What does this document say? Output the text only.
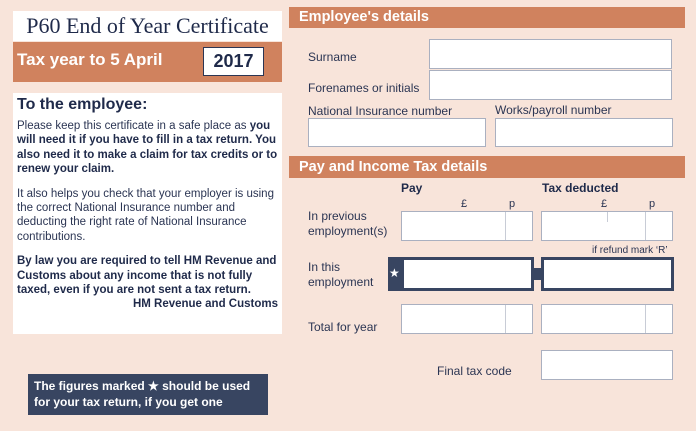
P60 End of Year Certificate
Tax year to 5 April	2017
To the employee:

Please keep this certificate in a safe place as you will need it if you have to fill in a tax return. You also need it to make a claim for tax credits or to renew your claim.

It also helps you check that your employer is using the correct National Insurance number and deducting the right rate of National Insurance contributions.

By law you are required to tell HM Revenue and Customs about any income that is not fully taxed, even if you are not sent a tax return.

HM Revenue and Customs
The figures marked ★ should be used for your tax return, if you get one
Employee's details
Surname
Forenames or initials
National Insurance number	Works/payroll number
Pay and Income Tax details
Pay	Tax deducted
£	p	£	p
In previous employment(s)
if refund mark ‘R’
In this employment
★
Total for year
Final tax code
